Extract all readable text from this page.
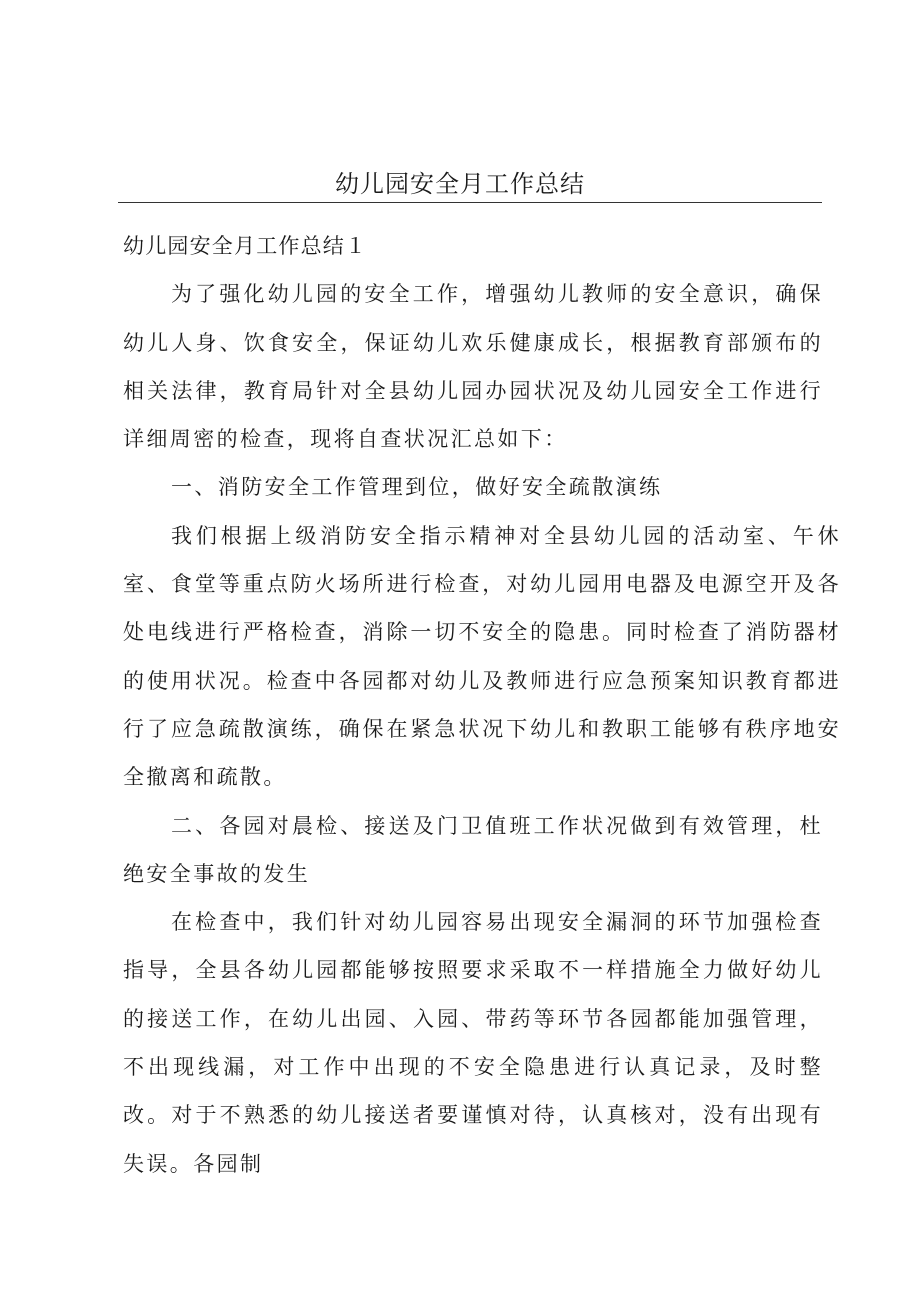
幼儿园安全月工作总结

幼儿园安全月工作总结１

为了强化幼儿园的安全工作，增强幼儿教师的安全意识，确保幼儿人身、饮食安全，保证幼儿欢乐健康成长，根据教育部颁布的相关法律，教育局针对全县幼儿园办园状况及幼儿园安全工作进行详细周密的检查，现将自查状况汇总如下：

一、消防安全工作管理到位，做好安全疏散演练

我们根据上级消防安全指示精神对全县幼儿园的活动室、午休室、食堂等重点防火场所进行检查，对幼儿园用电器及电源空开及各处电线进行严格检查，消除一切不安全的隐患。同时检查了消防器材的使用状况。检查中各园都对幼儿及教师进行应急预案知识教育都进行了应急疏散演练，确保在紧急状况下幼儿和教职工能够有秩序地安全撤离和疏散。

二、各园对晨检、接送及门卫值班工作状况做到有效管理，杜绝安全事故的发生

在检查中，我们针对幼儿园容易出现安全漏洞的环节加强检查指导，全县各幼儿园都能够按照要求采取不一样措施全力做好幼儿的接送工作，在幼儿出园、入园、带药等环节各园都能加强管理，不出现线漏，对工作中出现的不安全隐患进行认真记录，及时整改。对于不熟悉的幼儿接送者要谨慎对待，认真核对，没有出现有失误。各园制
